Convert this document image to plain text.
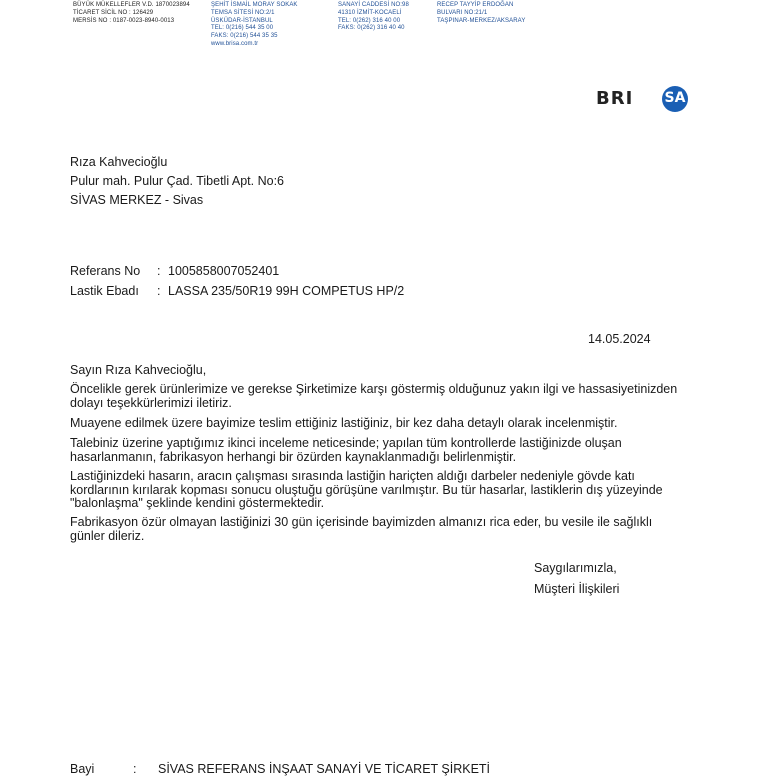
BÜYÜK MÜKELLEFLER V.D. 1870023894
TİCARET SİCİL NO : 126429
MERSİS NO : 0187-0023-8940-0013
ŞEHİT İSMAİL MORAY SOKAK
TEMSA SİTESİ NO:2/1
ÜSKÜDAR-İSTANBUL
TEL: 0(216) 544 35 00
FAKS: 0(216) 544 35 35
www.brisa.com.tr
SANAYİ CADDESİ NO:98
41310 İZMİT-KOCAELİ
TEL: 0(262) 316 40 00
FAKS: 0(262) 316 40 40
RECEP TAYYİP ERDOĞAN
BULVARI NO:21/1
TAŞPINAR-MERKEZ/AKSARAY
BRI SA
Rıza Kahvecioğlu
Pulur mah. Pulur Çad. Tibetli Apt. No:6
SİVAS MERKEZ - Sivas
Referans No : 1005858007052401
Lastik Ebadı : LASSA 235/50R19 99H COMPETUS HP/2
14.05.2024
Sayın Rıza Kahvecioğlu,
Öncelikle gerek ürünlerimize ve gerekse Şirketimize karşı göstermiş olduğunuz yakın ilgi ve hassasiyetinizden dolayı teşekkürlerimizi iletiriz.
Muayene edilmek üzere bayimize teslim ettiğiniz lastiğiniz, bir kez daha detaylı olarak incelenmiştir.
Talebiniz üzerine yaptığımız ikinci inceleme neticesinde; yapılan tüm kontrollerde lastiğinizde oluşan hasarlanmanın, fabrikasyon herhangi bir özürden kaynaklanmadığı belirlenmiştir.
Lastiğinizdeki hasarın, aracın çalışması sırasında lastiğin hariçten aldığı darbeler nedeniyle gövde katı kordlarının kırılarak kopması sonucu oluştuğu görüşüne varılmıştır. Bu tür hasarlar, lastiklerin dış yüzeyinde "balonlaşma" şeklinde kendini göstermektedir.
Fabrikasyon özür olmayan lastiğinizi 30 gün içerisinde bayimizden almanızı rica eder, bu vesile ile sağlıklı günler dileriz.
Saygılarımızla,
Müşteri İlişkileri
Bayi	: SİVAS REFERANS İNŞAAT SANAYİ VE TİCARET ŞİRKETİ
